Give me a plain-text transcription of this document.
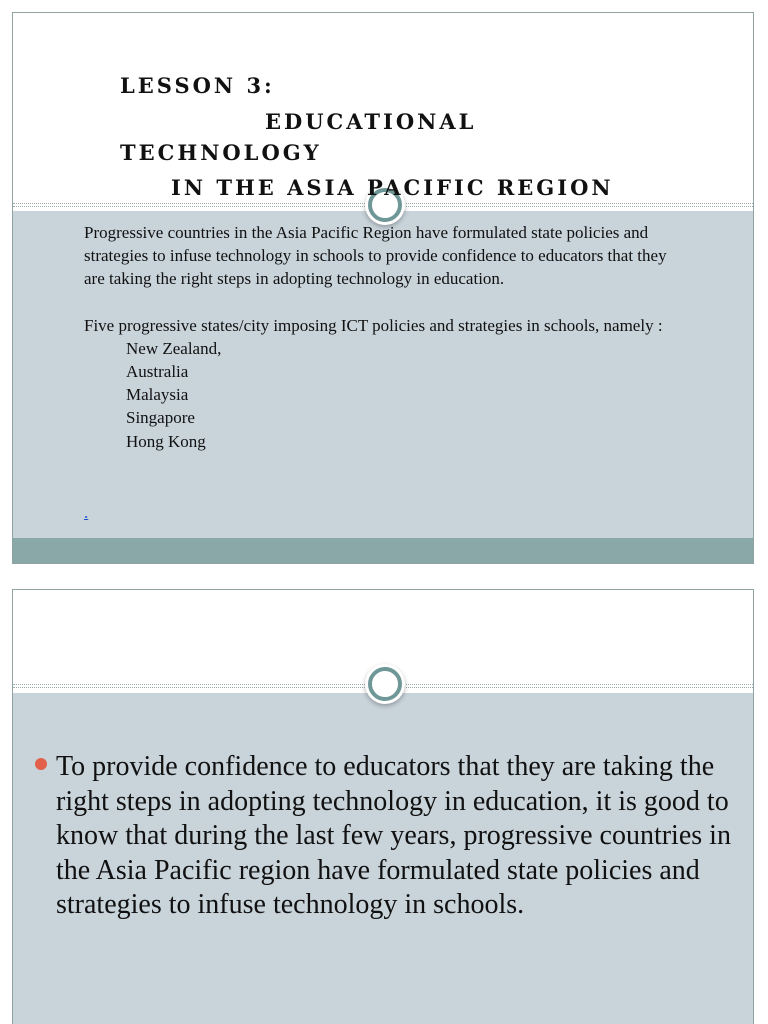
LESSON 3:
EDUCATIONAL
TECHNOLOGY
IN THE ASIA PACIFIC REGION

Progressive countries in the Asia Pacific Region have formulated state policies and strategies to infuse technology in schools to provide confidence to educators that they are taking the right steps in adopting technology in education.

Five progressive states/city imposing ICT policies and strategies in schools, namely :

New Zealand,
Australia
Malaysia
Singapore
Hong Kong
.

To provide confidence to educators that they are taking the right steps in adopting technology in education, it is good to know that during the last few years, progressive countries in the Asia Pacific region have formulated state policies and strategies to infuse technology in schools.
